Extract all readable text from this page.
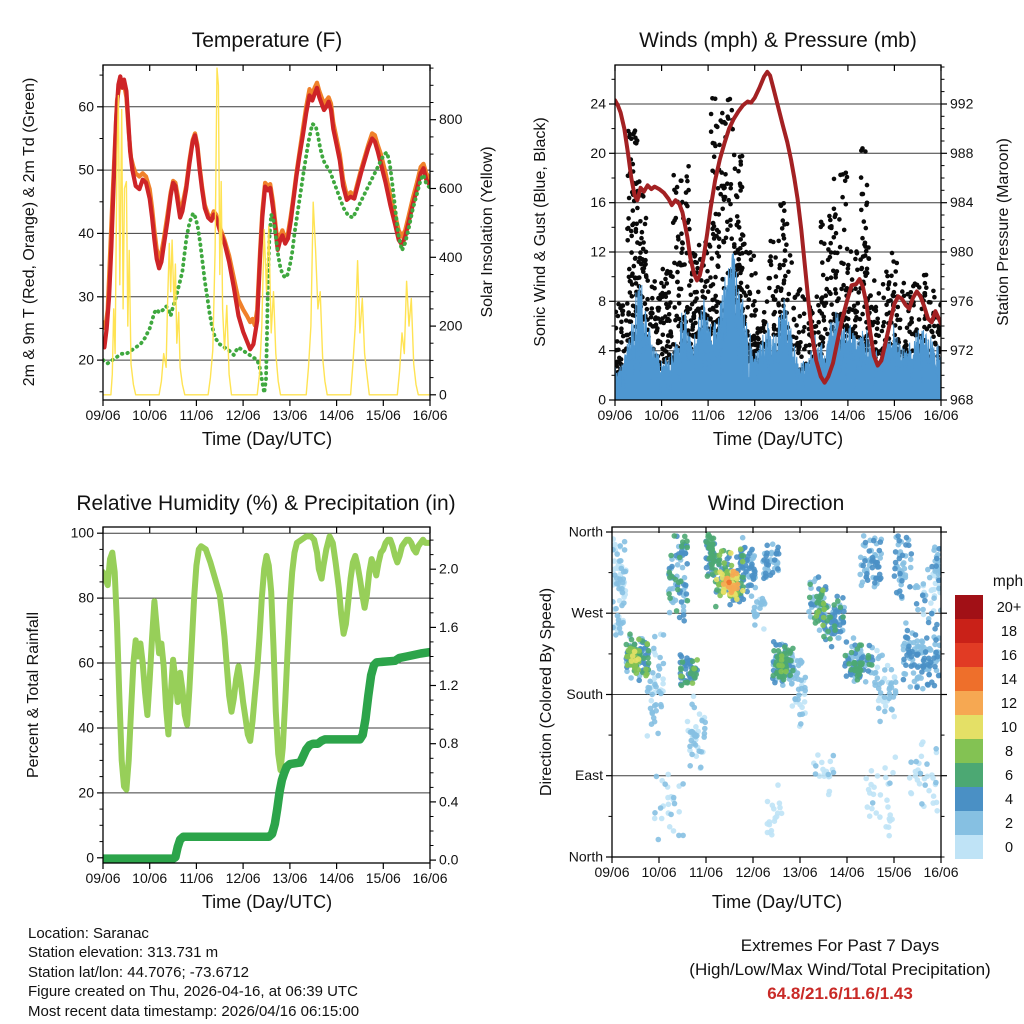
09/06 10/06 11/06 12/06 13/06 14/06 15/06 16/06
20
30
40
50
60
0
200
400
600
800
09/06 10/06 11/06 12/06 13/06 14/06 15/06 16/06
0
4
8
12
16
20
24
968
972
976
980
984
988
992
09/06 10/06 11/06 12/06 13/06 14/06 15/06 16/06
0
20
40
60
80
100
0.0
0.4
0.8
1.2
1.6
2.0
09/06 10/06 11/06 12/06 13/06 14/06 15/06 16/06
North
West
South
East
North
20+
18
16
14
12
10
8
6
4
2
0
mph
Temperature (F)	Winds (mph) & Pressure (mb)
Relative Humidity (%) & Precipitation (in)	Wind Direction
Time (Day/UTC)	Time (Day/UTC)
Time (Day/UTC)	Time (Day/UTC)
2m & 9m T (Red, Orange) & 2m Td (Green)	Solar Insolation (Yellow) Sonic Wind & Gust (Blue, Black)	Station Pressure (Maroon)
Percent & Total Rainfall	Direction (Colored By Speed)
Location: Saranac
Station elevation: 313.731 m
Station lat/lon: 44.7076; -73.6712
Figure created on Thu, 2026-04-16, at 06:39 UTC
Most recent data timestamp: 2026/04/16 06:15:00
Extremes For Past 7 Days
(High/Low/Max Wind/Total Precipitation)
64.8/21.6/11.6/1.43
